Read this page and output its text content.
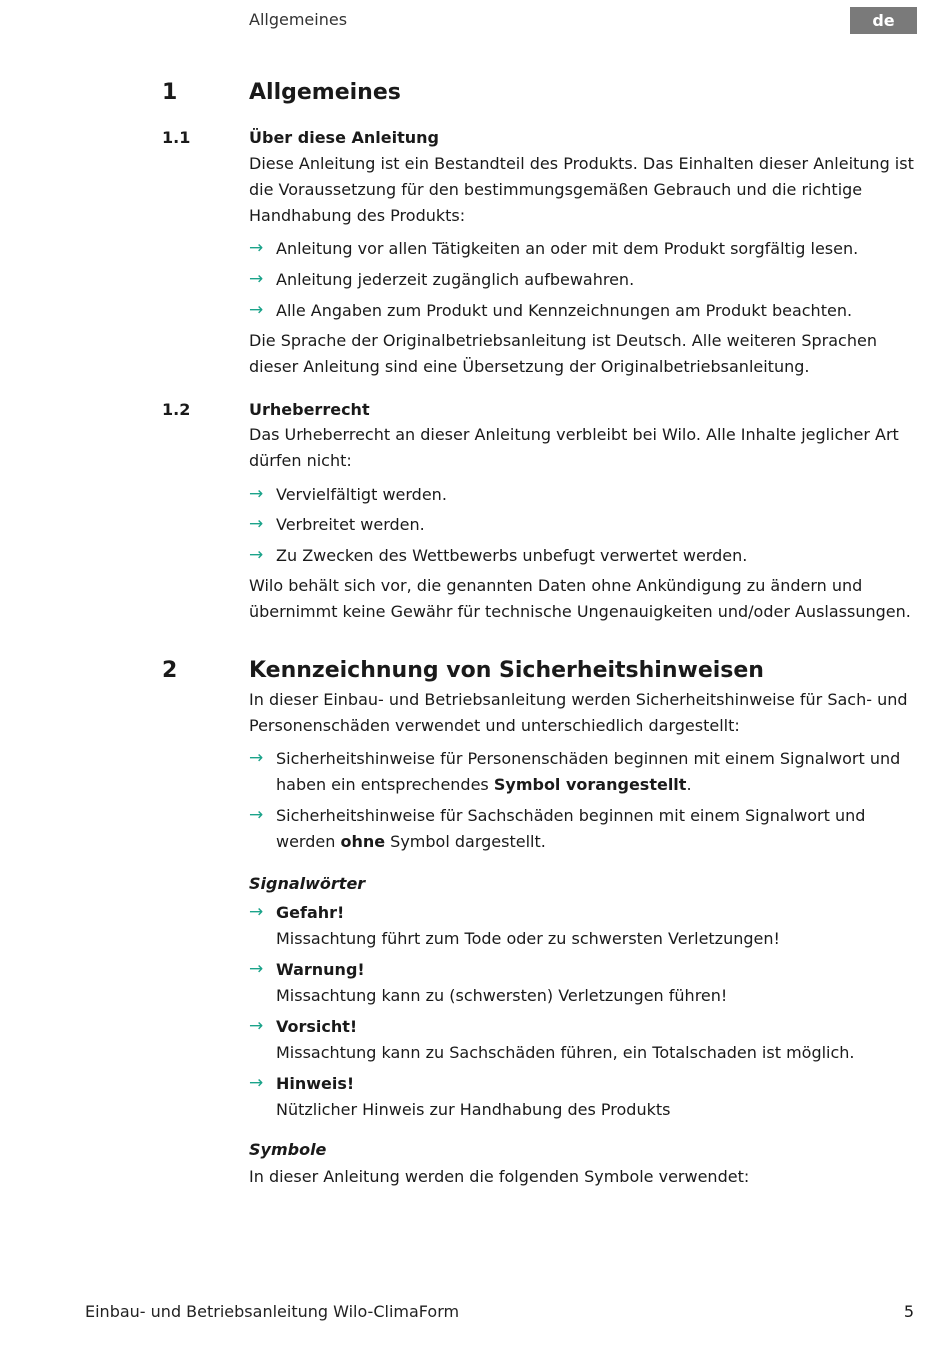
Allgemeines	de
1	Allgemeines
1.1	Über diese Anleitung

Diese Anleitung ist ein Bestandteil des Produkts. Das Einhalten dieser Anleitung ist die Voraussetzung für den bestimmungsgemäßen Gebrauch und die richtige Handhabung des Produkts:

→ Anleitung vor allen Tätigkeiten an oder mit dem Produkt sorgfältig lesen.
→ Anleitung jederzeit zugänglich aufbewahren.
→ Alle Angaben zum Produkt und Kennzeichnungen am Produkt beachten.

Die Sprache der Originalbetriebsanleitung ist Deutsch. Alle weiteren Sprachen dieser Anleitung sind eine Übersetzung der Originalbetriebsanleitung.

1.2	Urheberrecht

Das Urheberrecht an dieser Anleitung verbleibt bei Wilo. Alle Inhalte jeglicher Art dürfen nicht:

→ Vervielfältigt werden.
→ Verbreitet werden.
→ Zu Zwecken des Wettbewerbs unbefugt verwertet werden.

Wilo behält sich vor, die genannten Daten ohne Ankündigung zu ändern und übernimmt keine Gewähr für technische Ungenauigkeiten und/oder Auslassungen.

2	Kennzeichnung von Sicherheitshinweisen

In dieser Einbau- und Betriebsanleitung werden Sicherheitshinweise für Sach- und Personenschäden verwendet und unterschiedlich dargestellt:

→ Sicherheitshinweise für Personenschäden beginnen mit einem Signalwort und haben ein entsprechendes Symbol vorangestellt.
→ Sicherheitshinweise für Sachschäden beginnen mit einem Signalwort und werden ohne Symbol dargestellt.
Signalwörter
→ Gefahr!
Missachtung führt zum Tode oder zu schwersten Verletzungen!
→ Warnung!
Missachtung kann zu (schwersten) Verletzungen führen!
→ Vorsicht!
Missachtung kann zu Sachschäden führen, ein Totalschaden ist möglich.
→ Hinweis!
Nützlicher Hinweis zur Handhabung des Produkts
Symbole

In dieser Anleitung werden die folgenden Symbole verwendet:

Einbau- und Betriebsanleitung Wilo-ClimaForm	5
